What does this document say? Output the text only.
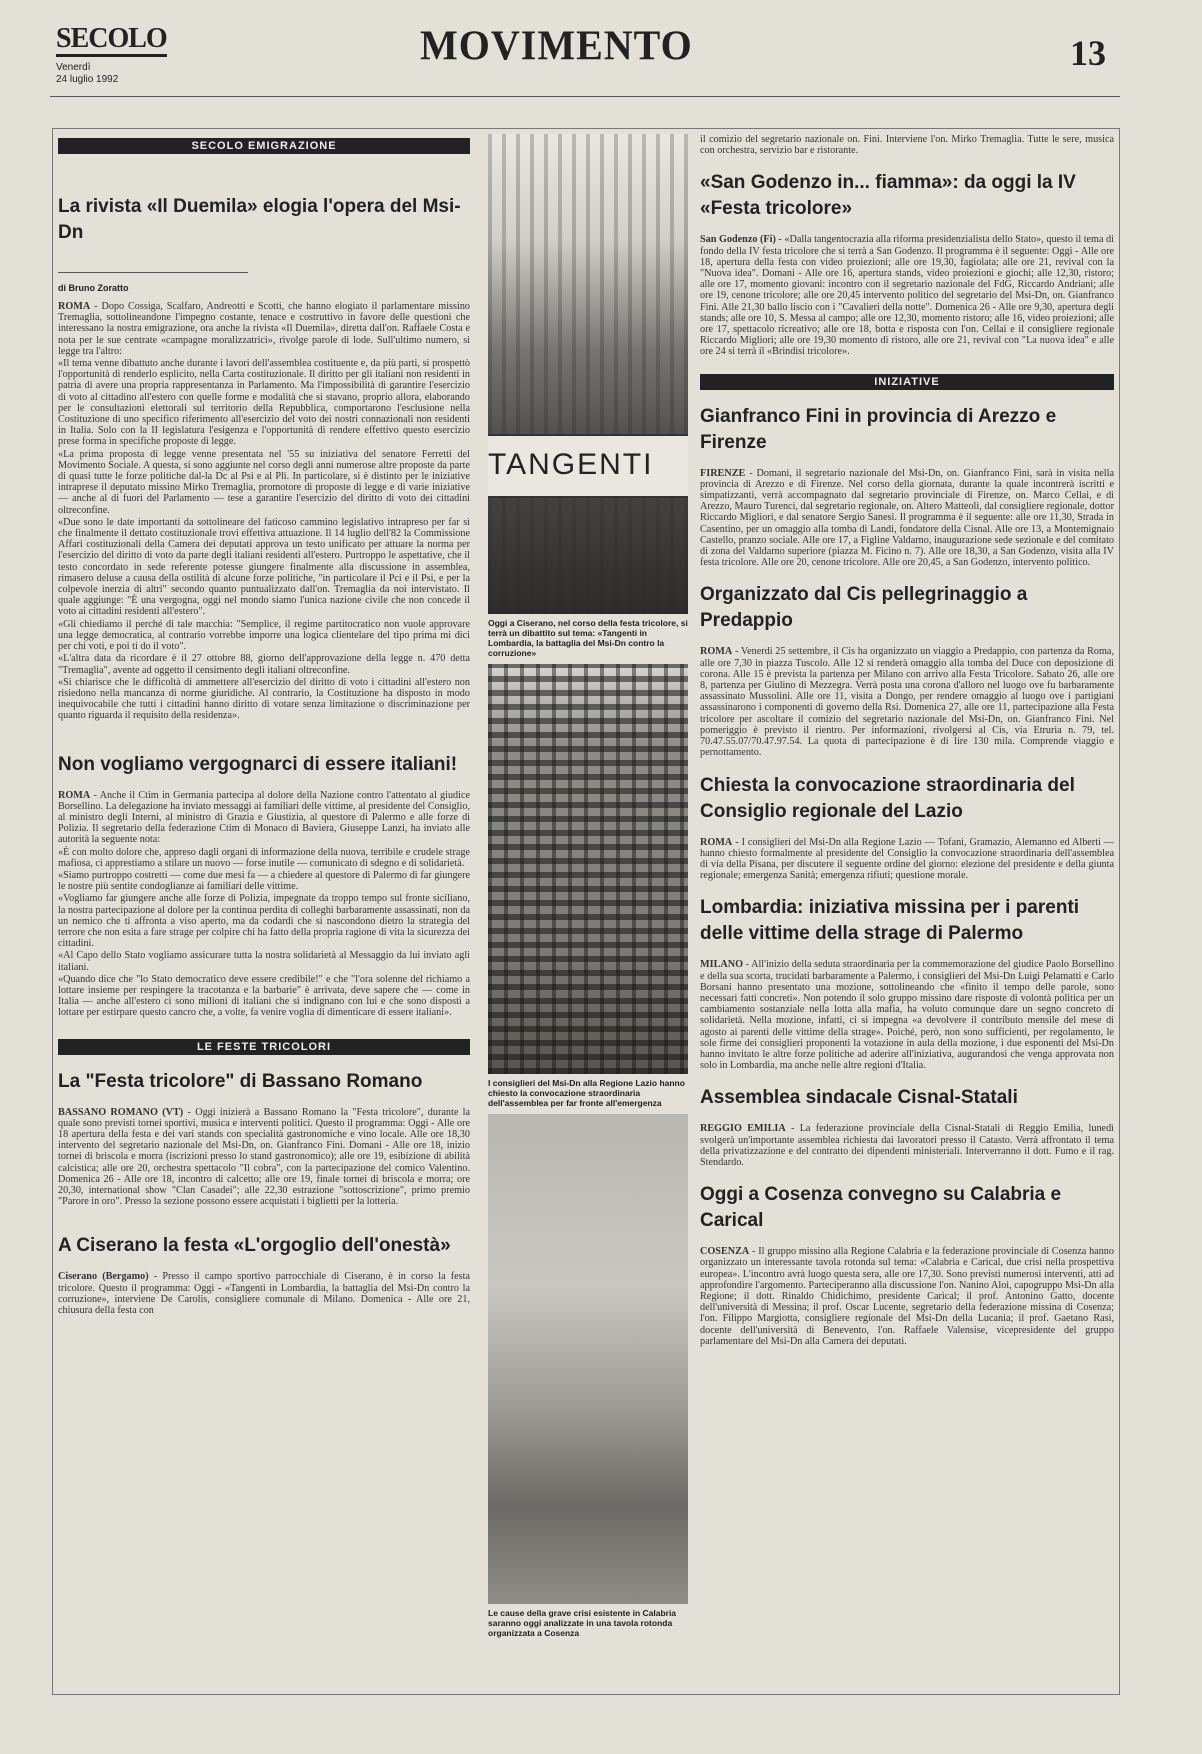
SECOLO
Venerdì
24 luglio 1992
MOVIMENTO	13
SECOLO EMIGRAZIONE
La rivista «Il Duemila» elogia l'opera del Msi-Dn
di Bruno Zoratto

ROMA - Dopo Cossiga, Scalfaro, Andreotti e Scotti, che hanno elogiato il parlamentare missino Tremaglia, sottolineandone l'impegno costante, tenace e costruttivo in favore delle questioni che interessano la nostra emigrazione, ora anche la rivista «Il Duemila», diretta dall'on. Raffaele Costa e nota per le sue centrate «campagne moralizzatrici», rivolge parole di lode. Sull'ultimo numero, si legge tra l'altro:

«Il tema venne dibattuto anche durante i lavori dell'assemblea costituente e, da più parti, si prospettò l'opportunità di renderlo esplicito, nella Carta costituzionale. Il diritto per gli italiani non residenti in patria di avere una propria rappresentanza in Parlamento. Ma l'impossibilità di garantire l'esercizio di voto al cittadino all'estero con quelle forme e modalità che si stavano, proprio allora, elaborando per le consultazioni elettorali sul territorio della Repubblica, comportarono l'esclusione nella Costituzione di uno specifico riferimento all'esercizio del voto dei nostri connazionali non residenti in Italia. Solo con la II legislatura l'esigenza e l'opportunità di rendere effettivo questo esercizio prese forma in specifiche proposte di legge.

«La prima proposta di legge venne presentata nel '55 su iniziativa del senatore Ferretti del Movimento Sociale. A questa, si sono aggiunte nel corso degli anni numerose altre proposte da parte di quasi tutte le forze politiche dal-la Dc al Psi e al Pli. In particolare, si è distinto per le iniziative intraprese il deputato missino Mirko Tremaglia, promotore di proposte di legge e di varie iniziative — anche al di fuori del Parlamento — tese a garantire l'esercizio del diritto di voto dei cittadini oltreconfine.

«Due sono le date importanti da sottolineare del faticoso cammino legislativo intrapreso per far sì che finalmente il dettato costituzionale trovi effettiva attuazione. Il 14 luglio dell'82 la Commissione Affari costituzionali della Camera dei deputati approva un testo unificato per attuare la norma per l'esercizio del diritto di voto da parte degli italiani residenti all'estero. Purtroppo le aspettative, che il testo concordato in sede referente potesse giungere finalmente alla discussione in assemblea, rimasero deluse a causa della ostilità di alcune forze politiche, "in particolare il Pci e il Psi, e per la colpevole inerzia di altri" secondo quanto puntualizzato dall'on. Tremaglia da noi intervistato. Il quale aggiunge: "È una vergogna, oggi nel mondo siamo l'unica nazione civile che non concede il voto ai cittadini residenti all'estero".

«Gli chiediamo il perché di tale macchia: "Semplice, il regime partitocratico non vuole approvare una legge democratica, al contrario vorrebbe imporre una logica clientelare del tipo prima mi dici per chi voti, e poi ti do il voto".

«L'altra data da ricordare è il 27 ottobre 88, giorno dell'approvazione della legge n. 470 detta "Tremaglia", avente ad oggetto il censimento degli italiani oltreconfine.

«Si chiarisce che le difficoltà di ammettere all'esercizio del diritto di voto i cittadini all'estero non risiedono nella mancanza di norme giuridiche. Al contrario, la Costituzione ha disposto in modo inequivocabile che tutti i cittadini hanno diritto di votare senza limitazione o discriminazione per quanto riguarda il requisito della residenza».

Non vogliamo vergognarci di essere italiani!

ROMA - Anche il Ctim in Germania partecipa al dolore della Nazione contro l'attentato al giudice Borsellino. La delegazione ha inviato messaggi ai familiari delle vittime, al presidente del Consiglio, al ministro degli Interni, al ministro di Grazia e Giustizia, al questore di Palermo e alle forze di Polizia. Il segretario della federazione Ctim di Monaco di Baviera, Giuseppe Lanzi, ha inviato alle autorità la seguente nota:

«È con molto dolore che, appreso dagli organi di informazione della nuova, terribile e crudele strage mafiosa, ci apprestiamo a stilare un nuovo — forse inutile — comunicato di sdegno e di solidarietà.

«Siamo purtroppo costretti — come due mesi fa — a chiedere al questore di Palermo di far giungere le nostre più sentite condoglianze ai familiari delle vittime.

«Vogliamo far giungere anche alle forze di Polizia, impegnate da troppo tempo sul fronte siciliano, la nostra partecipazione al dolore per la continua perdita di colleghi barbaramente assassinati, non da un nemico che ti affronta a viso aperto, ma da codardi che si nascondono dietro la strategia del terrore che non esita a fare strage per colpire chi ha fatto della propria ragione di vita la sicurezza dei cittadini.

«Al Capo dello Stato vogliamo assicurare tutta la nostra solidarietà al Messaggio da lui inviato agli italiani.

«Quando dice che "lo Stato democratico deve essere credibile!" e che "l'ora solenne del richiamo a lottare insieme per respingere la tracotanza e la barbarie" è arrivata, deve sapere che — come in Italia — anche all'estero ci sono milioni di italiani che si indignano con lui e che sono disposti a lottare per estirpare questo cancro che, a volte, fa venire voglia di dimenticare di essere italiani».

LE FESTE TRICOLORI
La "Festa tricolore" di Bassano Romano

BASSANO ROMANO (VT) - Oggi inizierà a Bassano Romano la "Festa tricolore", durante la quale sono previsti tornei sportivi, musica e interventi politici. Questo il programma: Oggi - Alle ore 18 apertura della festa e dei vari stands con specialità gastronomiche e vino locale. Alle ore 18,30 intervento del segretario nazionale del Msi-Dn, on. Gianfranco Fini. Domani - Alle ore 18, inizio tornei di briscola e morra (iscrizioni presso lo stand gastronomico); alle ore 19, esibizione di abilità calcistica; alle ore 20, orchestra spettacolo "Il cobra", con la partecipazione del comico Valentino. Domenica 26 - Alle ore 18, incontro di calcetto; alle ore 19, finale tornei di briscola e morra; ore 20,30, international show "Clan Casadei"; alle 22,30 estrazione "sottoscrizione", primo premio "Parore in oro". Presso la sezione possono essere acquistati i biglietti per la lotteria.

A Ciserano la festa «L'orgoglio dell'onestà»

Ciserano (Bergamo) - Presso il campo sportivo parrocchiale di Ciserano, è in corso la festa tricolore. Questo il programma: Oggi - «Tangenti in Lombardia, la battaglia del Msi-Dn contro la corruzione», interviene De Carolis, consigliere comunale di Milano. Domenica - Alle ore 21, chiusura della festa con

TANGENTI
Oggi a Ciserano, nel corso della festa tricolore, si terrà un dibattito sul tema: «Tangenti in Lombardia, la battaglia del Msi-Dn contro la corruzione»
I consiglieri del Msi-Dn alla Regione Lazio hanno chiesto la convocazione straordinaria dell'assemblea per far fronte all'emergenza
Le cause della grave crisi esistente in Calabria saranno oggi analizzate in una tavola rotonda organizzata a Cosenza

il comizio del segretario nazionale on. Fini. Interviene l'on. Mirko Tremaglia. Tutte le sere, musica con orchestra, servizio bar e ristorante.

«San Godenzo in... fiamma»: da oggi la IV «Festa tricolore»

San Godenzo (Fi) - «Dalla tangentocrazia alla riforma presidenzialista dello Stato», questo il tema di fondo della IV festa tricolore che si terrà a San Godenzo. Il programma è il seguente: Oggi - Alle ore 18, apertura della festa con video proiezioni; alle ore 19,30, fagiolata; alle ore 21, revival con la "Nuova idea". Domani - Alle ore 16, apertura stands, video proiezioni e giochi; alle 12,30, ristoro; alle ore 17, momento giovani: incontro con il segretario nazionale del FdG, Riccardo Andriani; alle ore 19, cenone tricolore; alle ore 20,45 intervento politico del segretario del Msi-Dn, on. Gianfranco Fini. Alle 21,30 ballo liscio con i "Cavalieri della notte". Domenica 26 - Alle ore 9,30, apertura degli stands; alle ore 10, S. Messa al campo; alle ore 12,30, momento ristoro; alle 16, video proiezioni; alle ore 17, spettacolo ricreativo; alle ore 18, botta e risposta con l'on. Cellai e il consigliere regionale Riccardo Migliori; alle ore 19,30 momento di ristoro, alle ore 21, revival con "La nuova idea" e alle ore 24 si terrà il «Brindisi tricolore».

INIZIATIVE
Gianfranco Fini in provincia di Arezzo e Firenze

FIRENZE - Domani, il segretario nazionale del Msi-Dn, on. Gianfranco Fini, sarà in visita nella provincia di Arezzo e di Firenze. Nel corso della giornata, durante la quale incontrerà iscritti e simpatizzanti, verrà accompagnato dal segretario provinciale di Firenze, on. Marco Cellai, e di Arezzo, Mauro Turenci, dal segretario regionale, on. Altero Matteoli, dal consigliere regionale, dottor Riccardo Migliori, e dal senatore Sergio Sanesi. Il programma è il seguente: alle ore 11,30, Strada in Casentino, per un omaggio alla tomba di Landi, fondatore della Cisnal. Alle ore 13, a Montemignaio Castello, pranzo sociale. Alle ore 17, a Figline Valdarno, inaugurazione sede sezionale e del comitato di zona del Valdarno superiore (piazza M. Ficino n. 7). Alle ore 18,30, a San Godenzo, visita alla IV festa tricolore. Alle ore 20, cenone tricolore. Alle ore 20,45, a San Godenzo, intervento politico.

Organizzato dal Cis pellegrinaggio a Predappio

ROMA - Venerdì 25 settembre, il Cis ha organizzato un viaggio a Predappio, con partenza da Roma, alle ore 7,30 in piazza Tuscolo. Alle 12 si renderà omaggio alla tomba del Duce con deposizione di corona. Alle 15 è prevista la partenza per Milano con arrivo alla Festa Tricolore. Sabato 26, alle ore 8, partenza per Giulino di Mezzegra. Verrà posta una corona d'alloro nel luogo ove fu barbaramente assassinato Mussolini. Alle ore 11, visita a Dongo, per rendere omaggio al luogo ove i partigiani assassinarono i componenti di governo della Rsi. Domenica 27, alle ore 11, partecipazione alla Festa tricolore per ascoltare il comizio del segretario nazionale del Msi-Dn, on. Gianfranco Fini. Nel pomeriggio è previsto il rientro. Per informazioni, rivolgersi al Cis, via Etruria n. 79, tel. 70.47.55.07/70.47.97.54. La quota di partecipazione è di lire 130 mila. Comprende viaggio e pernottamento.

Chiesta la convocazione straordinaria del Consiglio regionale del Lazio

ROMA - I consiglieri del Msi-Dn alla Regione Lazio — Tofani, Gramazio, Alemanno ed Alberti — hanno chiesto formalmente al presidente del Consiglio la convocazione straordinaria dell'assemblea di via della Pisana, per discutere il seguente ordine del giorno: elezione del presidente e della giunta regionale; emergenza Sanità; emergenza rifiuti; questione morale.

Lombardia: iniziativa missina per i parenti delle vittime della strage di Palermo

MILANO - All'inizio della seduta straordinaria per la commemorazione del giudice Paolo Borsellino e della sua scorta, trucidati barbaramente a Palermo, i consiglieri del Msi-Dn Luigi Pelamatti e Carlo Borsani hanno presentato una mozione, sottolineando che «finito il tempo delle parole, sono necessari fatti concreti». Non potendo il solo gruppo missino dare risposte di volontà politica per un cambiamento sostanziale nella lotta alla mafia, ha voluto comunque dare un segno concreto di solidarietà. Nella mozione, infatti, ci si impegna «a devolvere il contributo mensile del mese di agosto ai parenti delle vittime della strage». Poiché, però, non sono sufficienti, per regolamento, le sole firme dei consiglieri proponenti la votazione in aula della mozione, i due esponenti del Msi-Dn hanno invitato le altre forze politiche ad aderire all'iniziativa, augurandosi che venga approvata non solo in Lombardia, ma anche nelle altre regioni d'Italia.

Assemblea sindacale Cisnal-Statali

REGGIO EMILIA - La federazione provinciale della Cisnal-Statali di Reggio Emilia, lunedì svolgerà un'importante assemblea richiesta dai lavoratori presso il Catasto. Verrà affrontato il tema della privatizzazione e del contratto dei dipendenti ministeriali. Interverranno il dott. Fumo e il rag. Stendardo.

Oggi a Cosenza convegno su Calabria e Carical

COSENZA - Il gruppo missino alla Regione Calabria e la federazione provinciale di Cosenza hanno organizzato un interessante tavola rotonda sul tema: «Calabria e Carical, due crisi nella prospettiva europea». L'incontro avrà luogo questa sera, alle ore 17,30. Sono previsti numerosi interventi, atti ad approfondire l'argomento. Parteciperanno alla discussione l'on. Nanino Aloi, capogruppo Msi-Dn alla Regione; il dott. Rinaldo Chidichimo, presidente Carical; il prof. Antonino Gatto, docente dell'università di Messina; il prof. Oscar Lucente, segretario della federazione missina di Cosenza; l'on. Filippo Margiotta, consigliere regionale del Msi-Dn della Lucania; il prof. Gaetano Rasi, docente dell'università di Benevento, l'on. Raffaele Valensise, vicepresidente del gruppo parlamentare del Msi-Dn alla Camera dei deputati.
